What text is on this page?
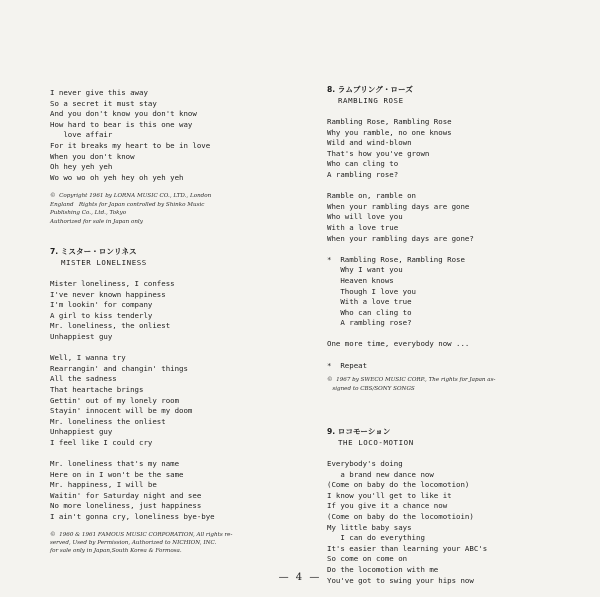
I never give this away
So a secret it must stay
And you don't know you don't know
How hard to bear is this one way
love affair
For it breaks my heart to be in love
When you don't know
Oh hey yeh yeh
Wo wo wo oh yeh hey oh yeh yeh
©  Copyright 1961 by LORNA MUSIC CO., LTD., London
England   Rights for Japan controlled by Shinko Music
Publishing Co., Ltd., Tokyo
Authorized for sale in Japan only
7. ミスター・ロンリネス
MISTER LONELINESS
Mister loneliness, I confess
I've never known happiness
I'm lookin' for company
A girl to kiss tenderly
Mr. loneliness, the onliest
Unhappiest guy
Well, I wanna try
Rearrangin' and changin' things
All the sadness
That heartache brings
Gettin' out of my lonely room
Stayin' innocent will be my doom
Mr. loneliness the onliest
Unhappiest guy
I feel like I could cry
Mr. loneliness that's my name
Here on in I won't be the same
Mr. happiness, I will be
Waitin' for Saturday night and see
No more loneliness, just happiness
I ain't gonna cry, loneliness bye-bye
©  1960 & 1961 FAMOUS MUSIC CORPORATION, All rights re-
served, Used by Permission, Authorized to NICHION, INC.
for sale only in Japan,South Korea & Formosa.
8. ラムブリング・ローズ
RAMBLING ROSE
Rambling Rose, Rambling Rose
Why you ramble, no one knows
Wild and wind-blown
That's how you've grown
Who can cling to
A rambling rose?
Ramble on, ramble on
When your rambling days are gone
Who will love you
With a love true
When your rambling days are gone?
*  Rambling Rose, Rambling Rose
Why I want you
Heaven knows
Though I love you
With a love true
Who can cling to
A rambling rose?
One more time, everybody now ...
*  Repeat
©  1967 by SWECO MUSIC CORP., The rights for Japan as-
signed to CBS/SONY SONGS
9. ロコモーション
THE LOCO-MOTION
Everybody's doing
a brand new dance now
(Come on baby do the locomotion)
I know you'll get to like it
If you give it a chance now
(Come on baby do the locomotioin)
My little baby says
I can do everything
It's easier than learning your ABC's
So come on come on
Do the locomotion with me
You've got to swing your hips now
— 4 —
